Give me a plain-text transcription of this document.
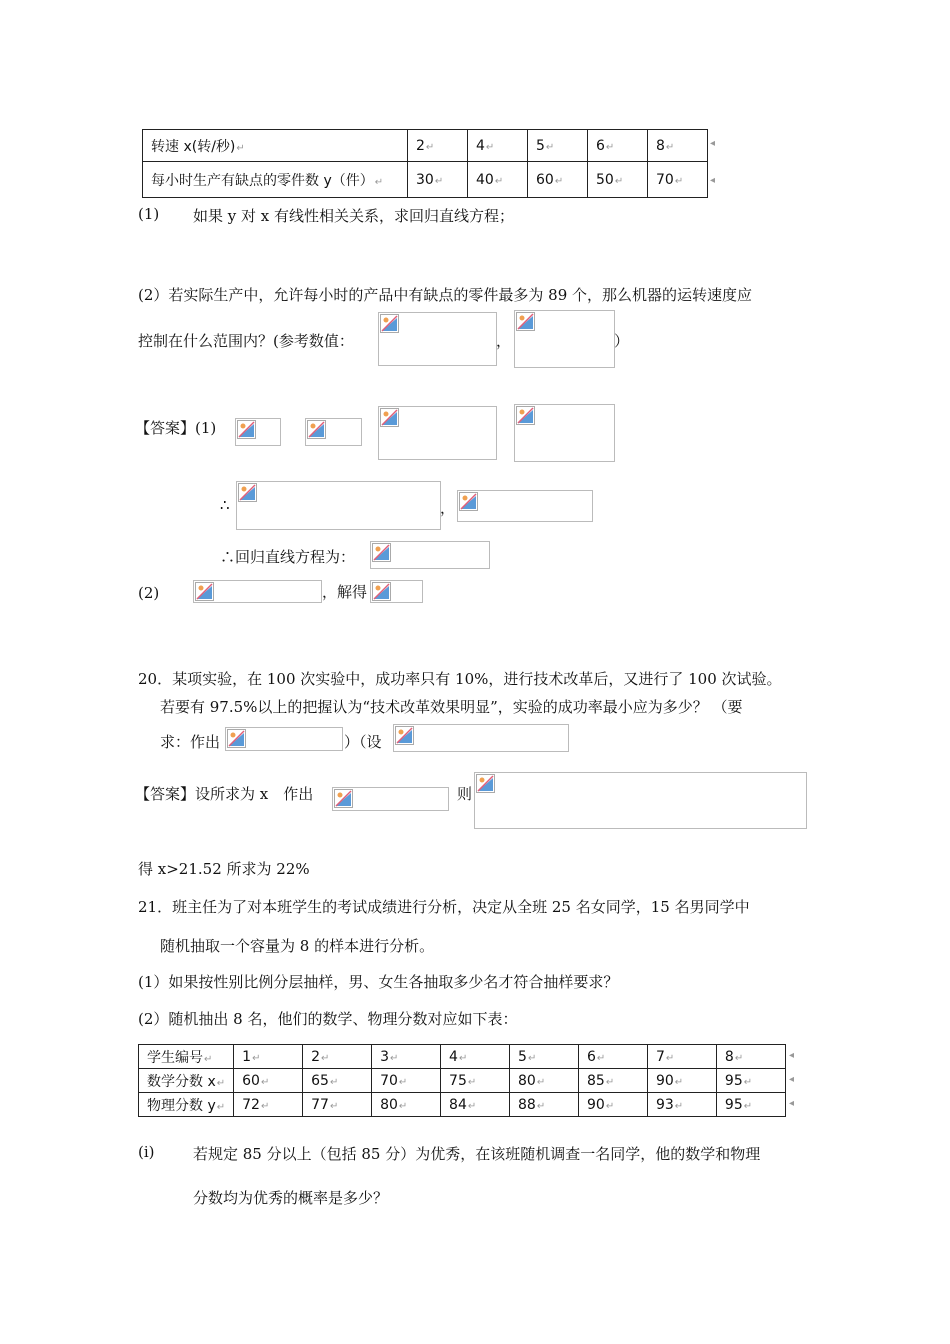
转速 x(转/秒)↵	2↵	4↵	5↵	6↵	8↵
每小时生产有缺点的零件数 y（件）↵	30↵	40↵	60↵	50↵	70↵
◂
◂
(1) 如果 y 对 x 有线性相关关系，求回归直线方程；
(2）若实际生产中，允许每小时的产品中有缺点的零件最多为 89 个，那么机器的运转速度应
控制在什么范围内？(参考数值：	，	）
【答案】(1)
∴	，
∴回归直线方程为：
(2)	，解得
20．某项实验，在 100 次实验中，成功率只有 10%，进行技术改革后，又进行了 100 次试验。
若要有 97.5%以上的把握认为“技术改革效果明显”，实验的成功率最小应为多少？ （要
求：作出	）（设
【答案】设所求为 x　作出	则
得 x>21.52 所求为 22%
21．班主任为了对本班学生的考试成绩进行分析，决定从全班 25 名女同学，15 名男同学中
随机抽取一个容量为 8 的样本进行分析。
(1）如果按性别比例分层抽样，男、女生各抽取多少名才符合抽样要求？
(2）随机抽出 8 名，他们的数学、物理分数对应如下表：
学生编号↵	1↵	2↵	3↵	4↵	5↵	6↵	7↵	8↵
数学分数 x↵	60↵	65↵	70↵	75↵	80↵	85↵	90↵	95↵
物理分数 y↵	72↵	77↵	80↵	84↵	88↵	90↵	93↵	95↵
◂
◂
◂
(i)	若规定 85 分以上（包括 85 分）为优秀，在该班随机调查一名同学，他的数学和物理
分数均为优秀的概率是多少？
